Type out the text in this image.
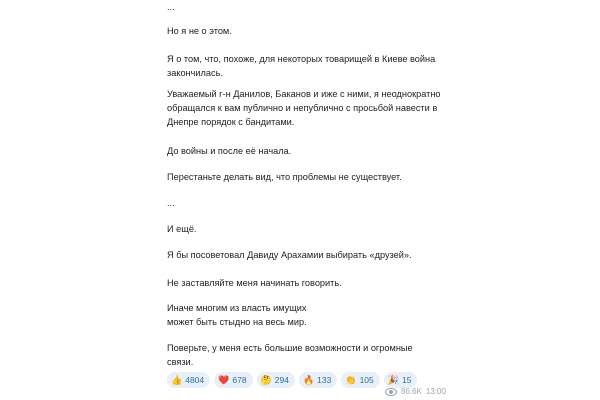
...
Но я не о этом.
Я о том, что, похоже, для некоторых товарищей в Киеве война
закончилась.
Уважаемый г-н Данилов, Баканов и иже с ними, я неоднократно
обращался к вам публично и непублично с просьбой навести в
Днепре порядок с бандитами.
До войны и после её начала.
Перестаньте делать вид, что проблемы не существует.
...
И ещё.
Я бы посоветовал Давиду Арахамии выбирать «друзей».
Не заставляйте меня начинать говорить.
Иначе многим из власть имущих
может быть стыдно на весь мир.
Поверьте, у меня есть большие возможности и огромные
связи.
👍 4804 ❤️ 678 🤔 294 🔥 133 👏 105 🎉 15
86.6K 13:00
